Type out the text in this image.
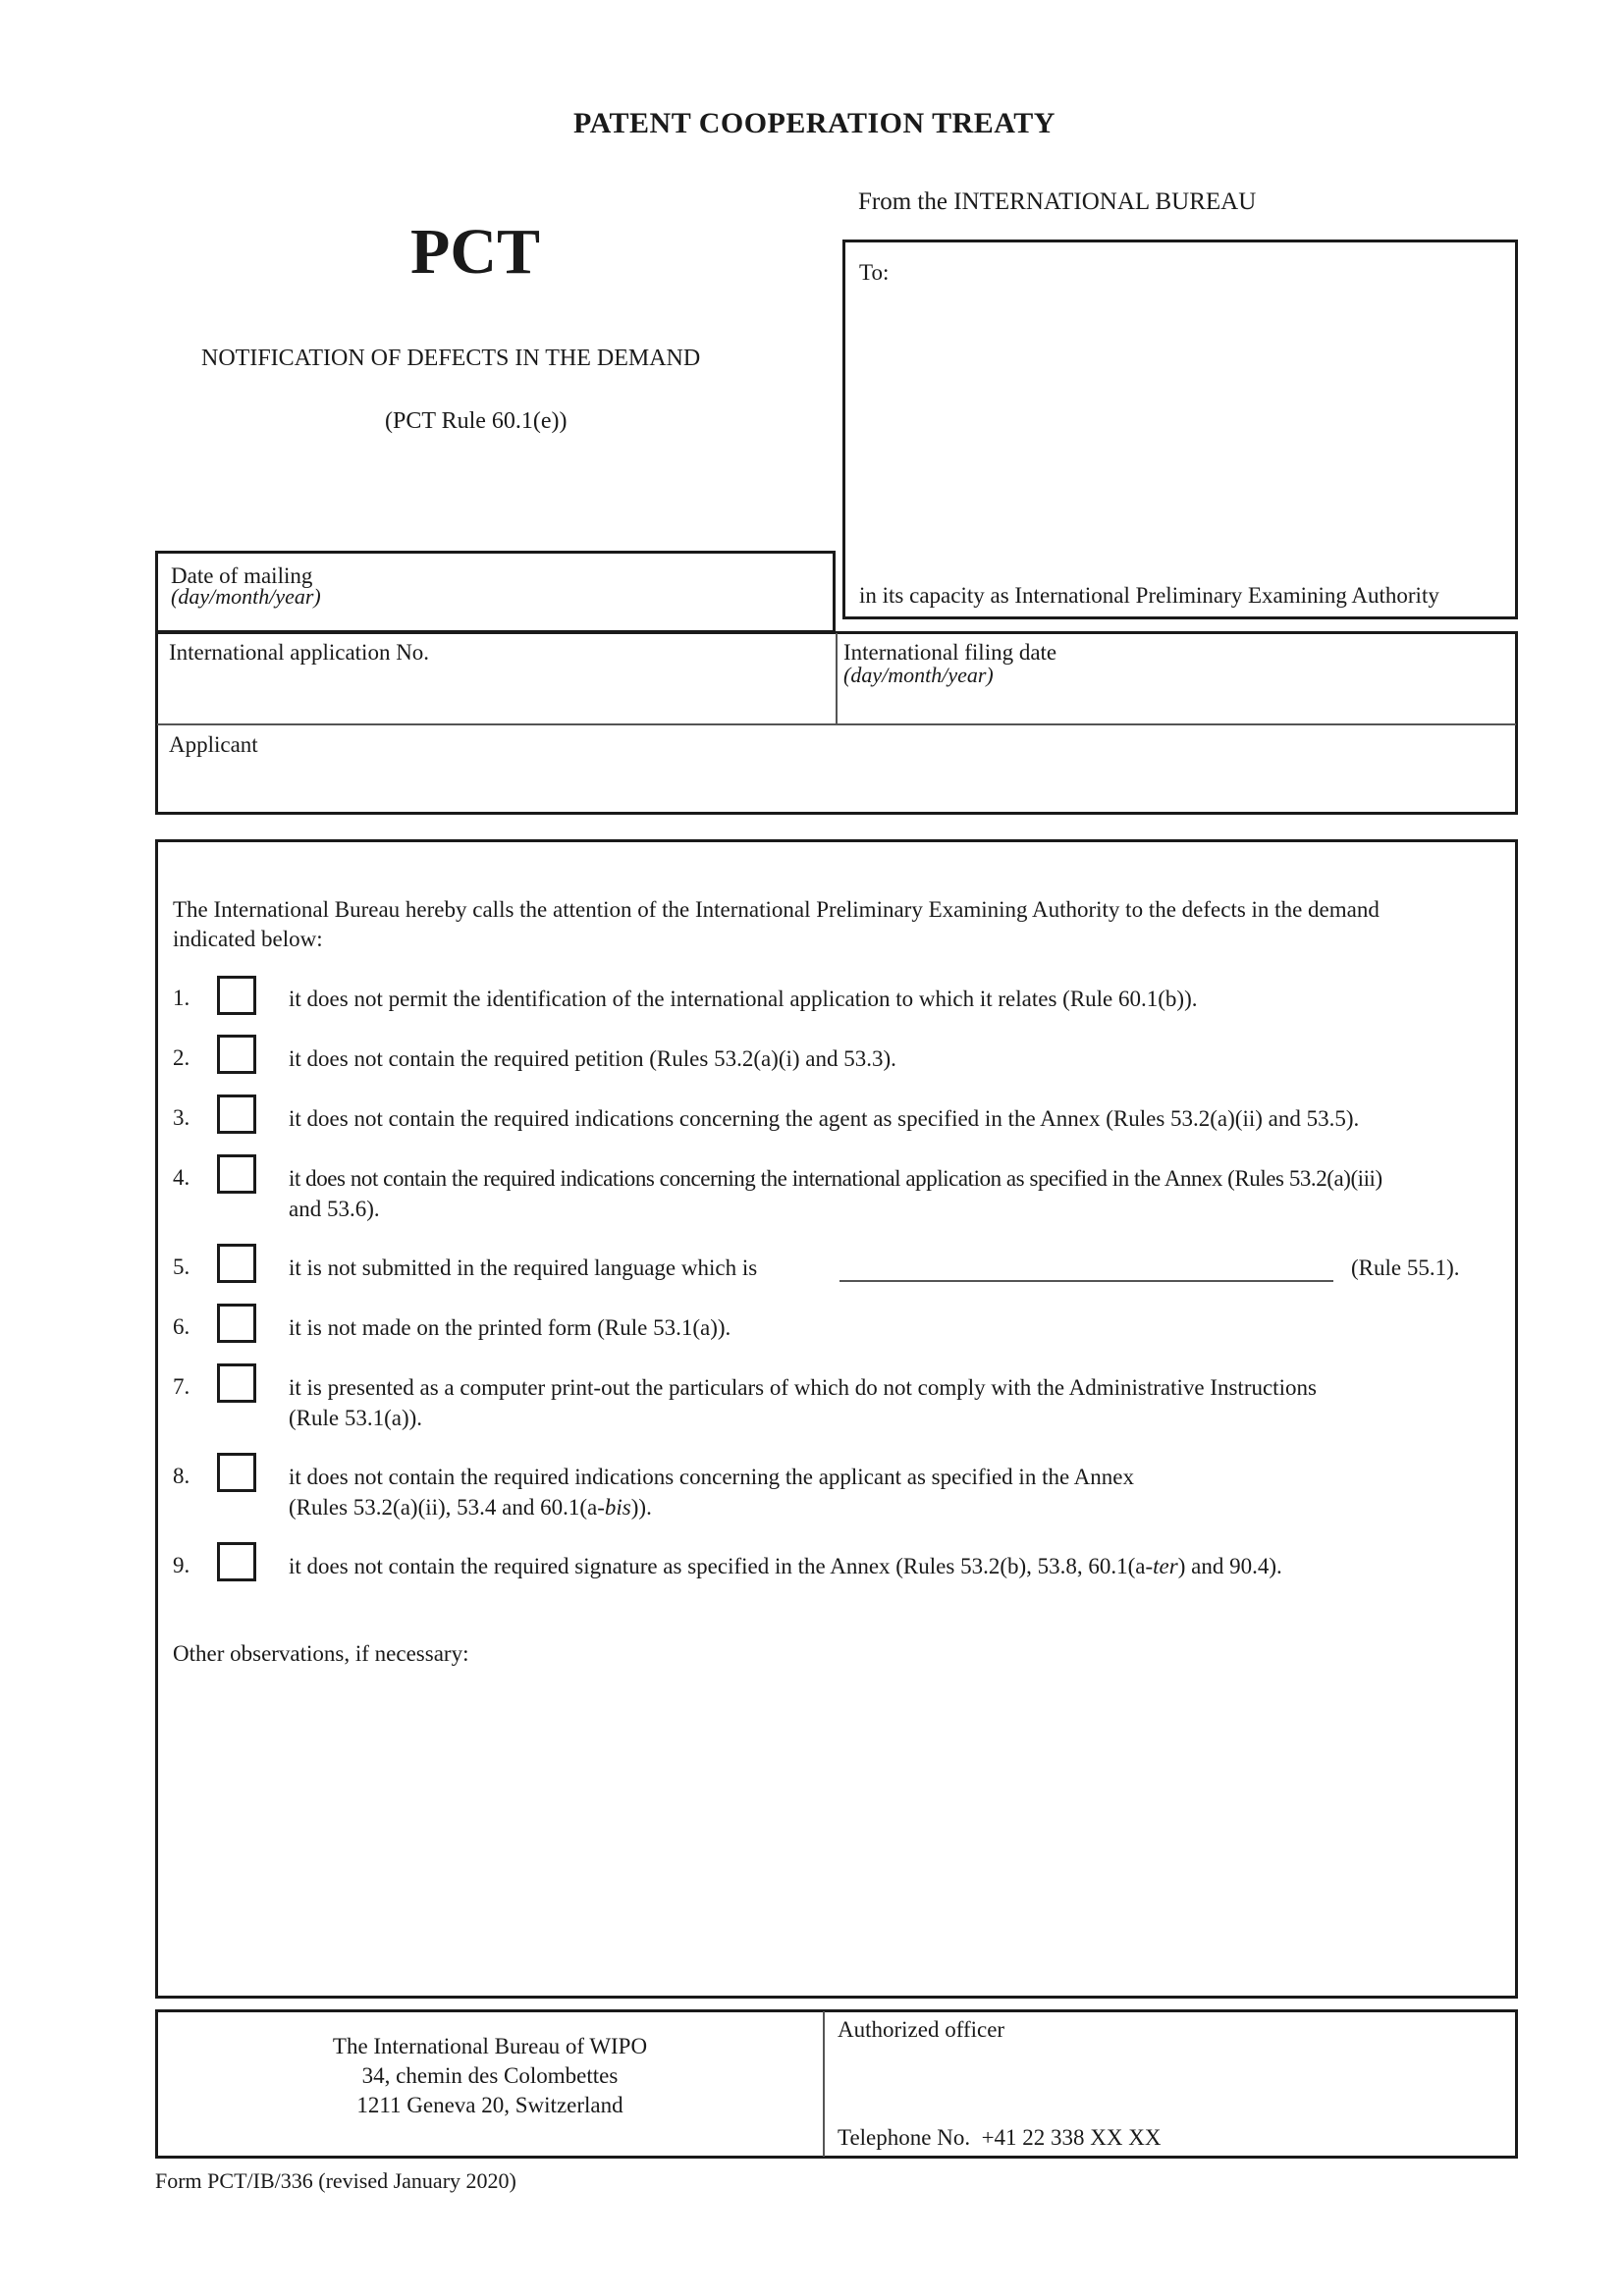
PATENT COOPERATION TREATY
PCT
NOTIFICATION OF DEFECTS IN THE DEMAND
(PCT Rule 60.1(e))
From the INTERNATIONAL BUREAU
To:
in its capacity as International Preliminary Examining Authority
Date of mailing
(day/month/year)
International application No.	International filing date
(day/month/year)
Applicant
The International Bureau hereby calls the attention of the International Preliminary Examining Authority to the defects in the demand
indicated below:
1.	it does not permit the identification of the international application to which it relates (Rule 60.1(b)).
2.	it does not contain the required petition (Rules 53.2(a)(i) and 53.3).
3.	it does not contain the required indications concerning the agent as specified in the Annex (Rules 53.2(a)(ii) and 53.5).
4.	it does not contain the required indications concerning the international application as specified in the Annex (Rules 53.2(a)(iii)
and 53.6).
5.	it is not submitted in the required language which is	(Rule 55.1).
6.	it is not made on the printed form (Rule 53.1(a)).
7.	it is presented as a computer print-out the particulars of which do not comply with the Administrative Instructions
(Rule 53.1(a)).
8.	it does not contain the required indications concerning the applicant as specified in the Annex
(Rules 53.2(a)(ii), 53.4 and 60.1(a-bis)).
9.	it does not contain the required signature as specified in the Annex (Rules 53.2(b), 53.8, 60.1(a-ter) and 90.4).
Other observations, if necessary:
The International Bureau of WIPO
34, chemin des Colombettes
1211 Geneva 20, Switzerland
Authorized officer
Telephone No.  +41 22 338 XX XX
Form PCT/IB/336 (revised January 2020)
